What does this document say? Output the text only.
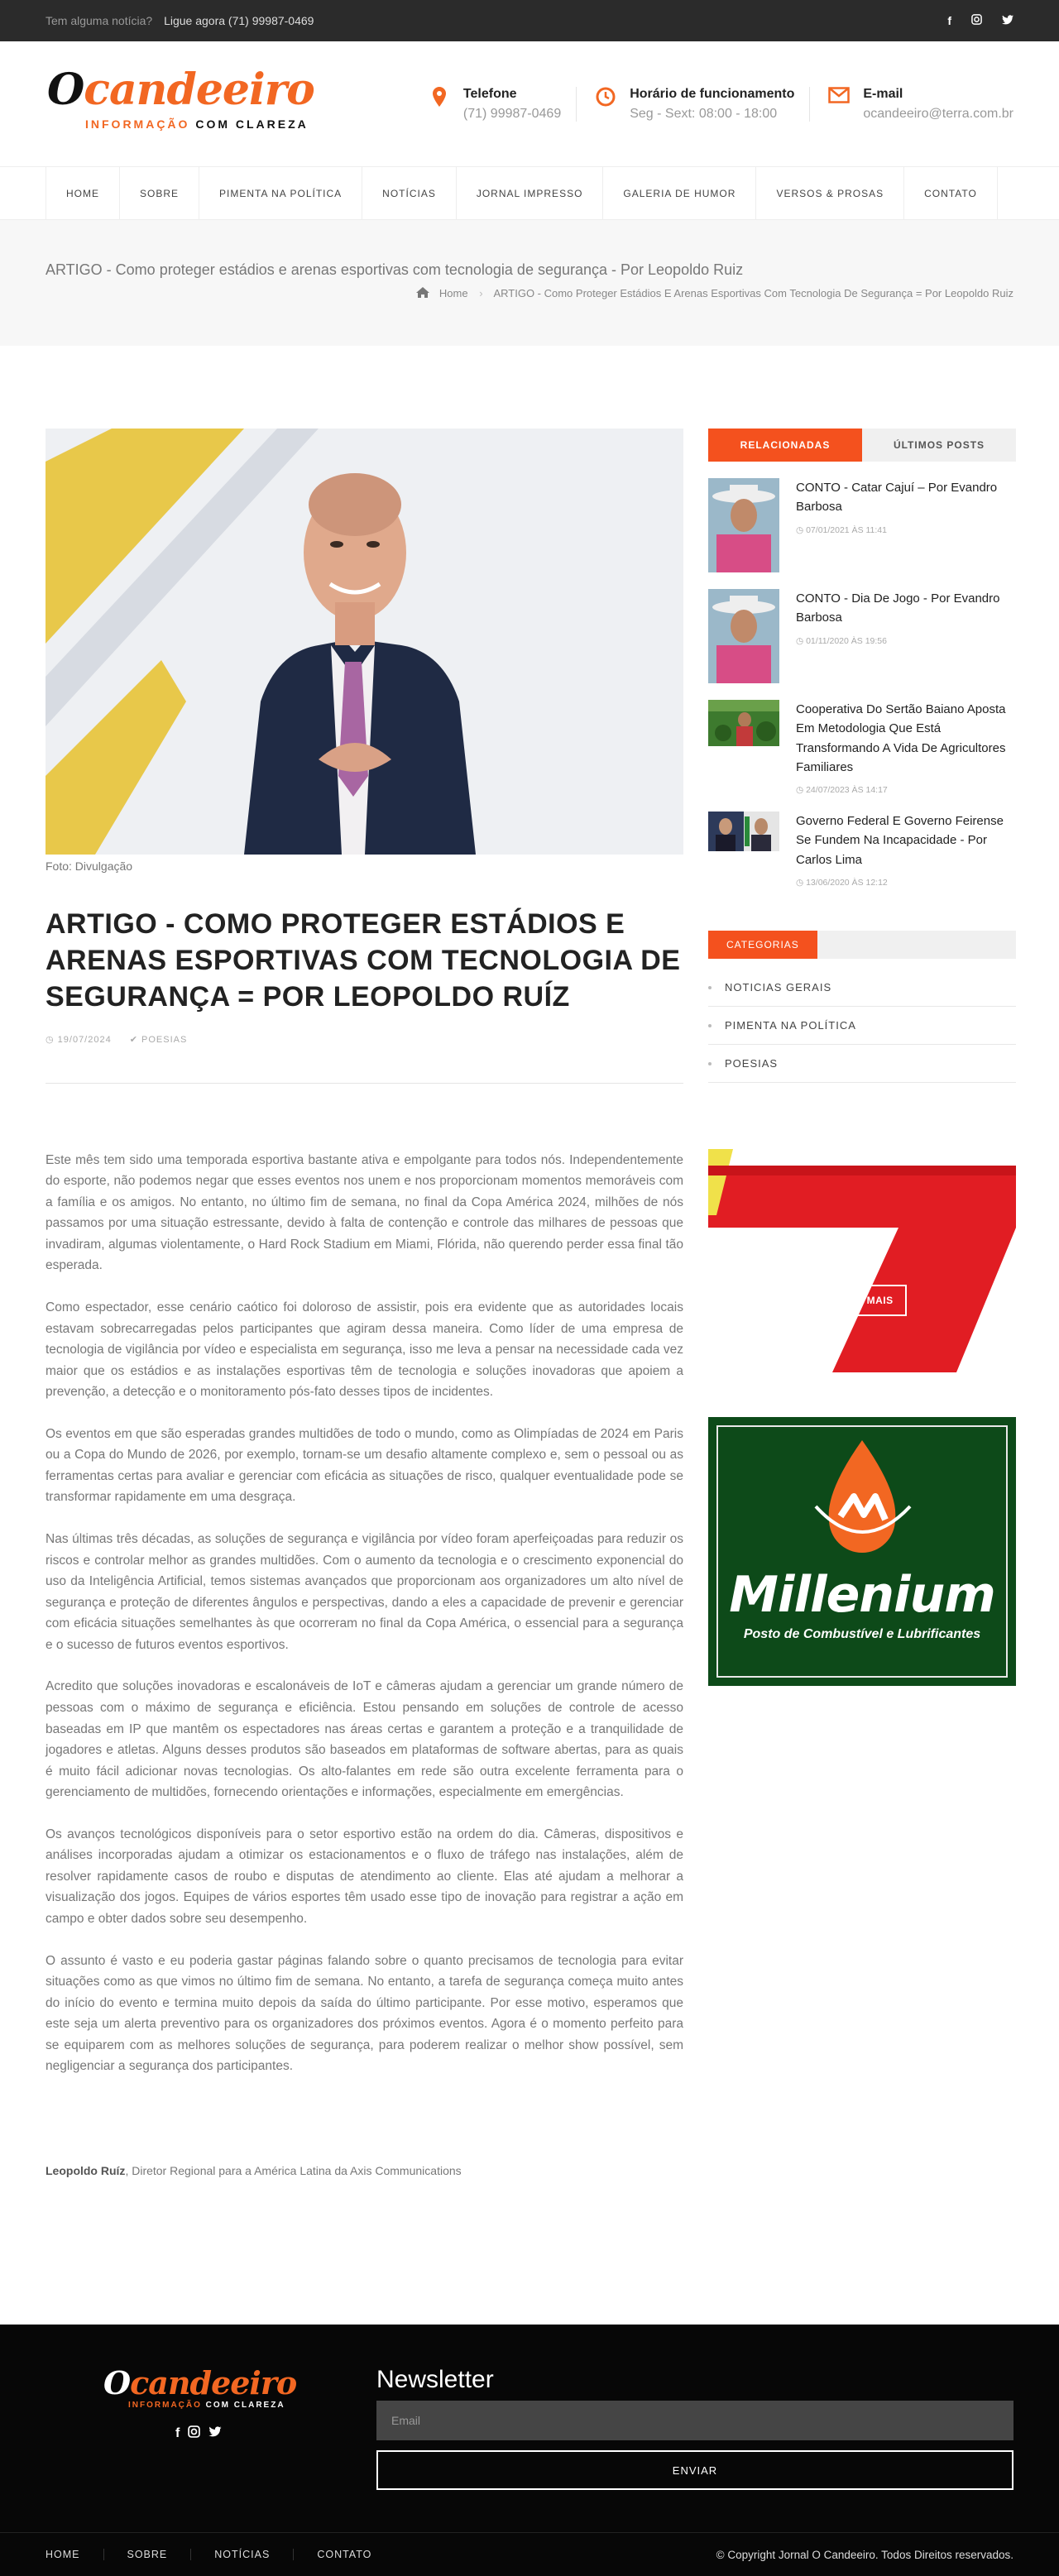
Tem alguma notícia? Ligue agora (71) 99987-0469	f
Ocandeeiro
INFORMAÇÃO COM CLAREZA
Telefone
(71) 99987-0469
Horário de funcionamento
Seg - Sext: 08:00 - 18:00
E-mail
ocandeeiro@terra.com.br
HOME	SOBRE	PIMENTA NA POLÍTICA	NOTÍCIAS	JORNAL IMPRESSO	GALERIA DE HUMOR	VERSOS & PROSAS	CONTATO
ARTIGO - Como proteger estádios e arenas esportivas com tecnologia de segurança - Por Leopoldo Ruiz
Home › ARTIGO - Como Proteger Estádios E Arenas Esportivas Com Tecnologia De Segurança = Por Leopoldo Ruiz
Foto: Divulgação
ARTIGO - COMO PROTEGER ESTÁDIOS E ARENAS ESPORTIVAS COM TECNOLOGIA DE SEGURANÇA = POR LEOPOLDO RUÍZ
◷ 19/07/2024 ✔ POESIAS

Este mês tem sido uma temporada esportiva bastante ativa e empolgante para todos nós. Independentemente do esporte, não podemos negar que esses eventos nos unem e nos proporcionam momentos memoráveis com a família e os amigos. No entanto, no último fim de semana, no final da Copa América 2024, milhões de nós passamos por uma situação estressante, devido à falta de contenção e controle das milhares de pessoas que invadiram, algumas violentamente, o Hard Rock Stadium em Miami, Flórida, não querendo perder essa final tão esperada.

Como espectador, esse cenário caótico foi doloroso de assistir, pois era evidente que as autoridades locais estavam sobrecarregadas pelos participantes que agiram dessa maneira. Como líder de uma empresa de tecnologia de vigilância por vídeo e especialista em segurança, isso me leva a pensar na necessidade cada vez maior que os estádios e as instalações esportivas têm de tecnologia e soluções inovadoras que apoiem a prevenção, a detecção e o monitoramento pós-fato desses tipos de incidentes.

Os eventos em que são esperadas grandes multidões de todo o mundo, como as Olimpíadas de 2024 em Paris ou a Copa do Mundo de 2026, por exemplo, tornam-se um desafio altamente complexo e, sem o pessoal ou as ferramentas certas para avaliar e gerenciar com eficácia as situações de risco, qualquer eventualidade pode se transformar rapidamente em uma desgraça.

Nas últimas três décadas, as soluções de segurança e vigilância por vídeo foram aperfeiçoadas para reduzir os riscos e controlar melhor as grandes multidões. Com o aumento da tecnologia e o crescimento exponencial do uso da Inteligência Artificial, temos sistemas avançados que proporcionam aos organizadores um alto nível de segurança e proteção de diferentes ângulos e perspectivas, dando a eles a capacidade de prevenir e gerenciar com eficácia situações semelhantes às que ocorreram no final da Copa América, o essencial para a segurança e o sucesso de futuros eventos esportivos.

Acredito que soluções inovadoras e escalonáveis de IoT e câmeras ajudam a gerenciar um grande número de pessoas com o máximo de segurança e eficiência. Estou pensando em soluções de controle de acesso baseadas em IP que mantêm os espectadores nas áreas certas e garantem a proteção e a tranquilidade de jogadores e atletas. Alguns desses produtos são baseados em plataformas de software abertas, para as quais é muito fácil adicionar novas tecnologias. Os alto-falantes em rede são outra excelente ferramenta para o gerenciamento de multidões, fornecendo orientações e informações, especialmente em emergências.

Os avanços tecnológicos disponíveis para o setor esportivo estão na ordem do dia. Câmeras, dispositivos e análises incorporadas ajudam a otimizar os estacionamentos e o fluxo de tráfego nas instalações, além de resolver rapidamente casos de roubo e disputas de atendimento ao cliente. Elas até ajudam a melhorar a visualização dos jogos. Equipes de vários esportes têm usado esse tipo de inovação para registrar a ação em campo e obter dados sobre seu desempenho.

O assunto é vasto e eu poderia gastar páginas falando sobre o quanto precisamos de tecnologia para evitar situações como as que vimos no último fim de semana. No entanto, a tarefa de segurança começa muito antes do início do evento e termina muito depois da saída do último participante. Por esse motivo, esperamos que este seja um alerta preventivo para os organizadores dos próximos eventos. Agora é o momento perfeito para se equiparem com as melhores soluções de segurança, para poderem realizar o melhor show possível, sem negligenciar a segurança dos participantes.

Leopoldo Ruíz, Diretor Regional para a América Latina da Axis Communications
RELACIONADAS	ÚLTIMOS POSTS
CONTO - Catar Cajuí – Por Evandro Barbosa
◷ 07/01/2021 ÀS 11:41
CONTO - Dia De Jogo - Por Evandro Barbosa
◷ 01/11/2020 ÀS 19:56
Cooperativa Do Sertão Baiano Aposta Em Metodologia Que Está Transformando A Vida De Agricultores Familiares
◷ 24/07/2023 ÀS 14:17
Governo Federal E Governo Feirense Se Fundem Na Incapacidade - Por Carlos Lima
◷ 13/06/2020 ÀS 12:12
CATEGORIAS
NOTICIAS GERAIS
PIMENTA NA POLÍTICA
POESIAS
SAIBA MAIS
Millenium
Posto de Combustível e Lubrificantes
Ocandeeiro
INFORMAÇÃO COM CLAREZA
f
Newsletter
Email
ENVIAR
HOME	SOBRE	NOTÍCIAS	CONTATO	© Copyright Jornal O Candeeiro. Todos Direitos reservados.
